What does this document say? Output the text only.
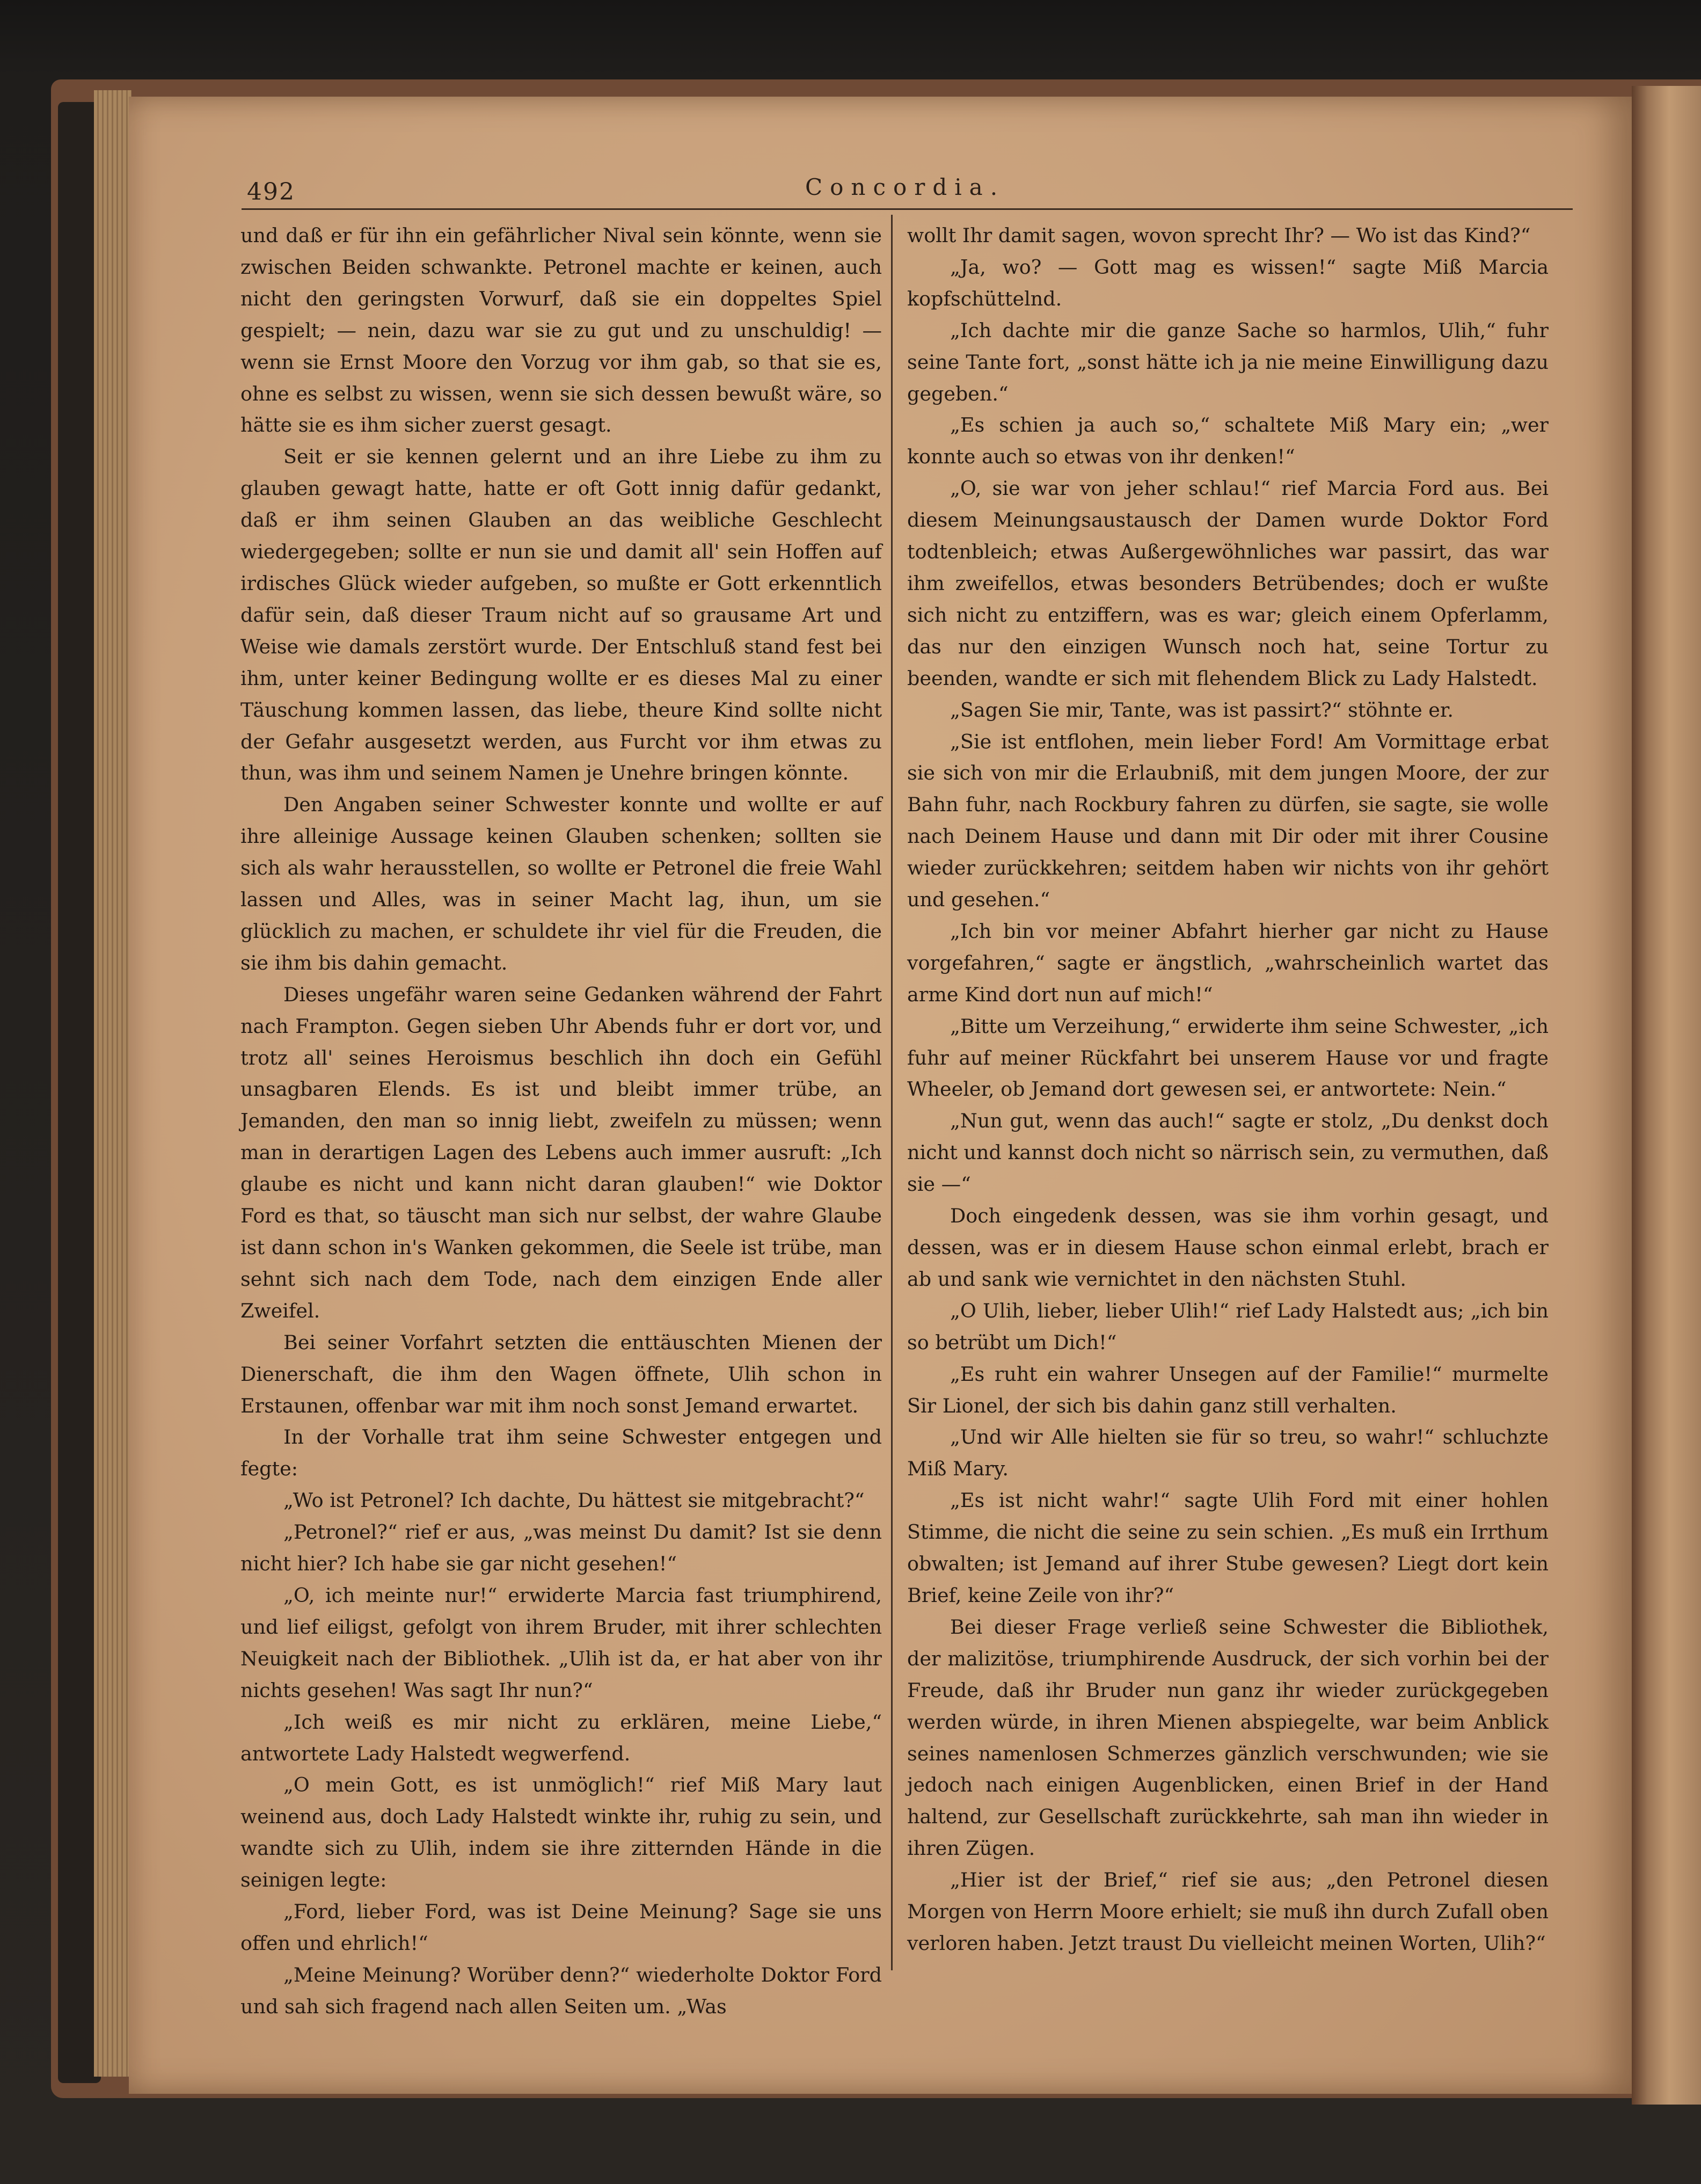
492	Concordia.

und daß er für ihn ein gefährlicher Nival sein könnte, wenn sie zwischen Beiden schwankte. Petronel machte er keinen, auch nicht den geringsten Vorwurf, daß sie ein doppeltes Spiel gespielt; — nein, dazu war sie zu gut und zu unschuldig! — wenn sie Ernst Moore den Vorzug vor ihm gab, so that sie es, ohne es selbst zu wissen, wenn sie sich dessen bewußt wäre, so hätte sie es ihm sicher zuerst gesagt.

Seit er sie kennen gelernt und an ihre Liebe zu ihm zu glauben gewagt hatte, hatte er oft Gott innig dafür gedankt, daß er ihm seinen Glauben an das weibliche Geschlecht wiedergegeben; sollte er nun sie und damit all' sein Hoffen auf irdisches Glück wieder aufgeben, so mußte er Gott erkenntlich dafür sein, daß dieser Traum nicht auf so grausame Art und Weise wie damals zerstört wurde. Der Entschluß stand fest bei ihm, unter keiner Bedingung wollte er es dieses Mal zu einer Täuschung kommen lassen, das liebe, theure Kind sollte nicht der Gefahr ausgesetzt werden, aus Furcht vor ihm etwas zu thun, was ihm und seinem Namen je Unehre bringen könnte.

Den Angaben seiner Schwester konnte und wollte er auf ihre alleinige Aussage keinen Glauben schenken; sollten sie sich als wahr herausstellen, so wollte er Petronel die freie Wahl lassen und Alles, was in seiner Macht lag, ihun, um sie glücklich zu machen, er schuldete ihr viel für die Freuden, die sie ihm bis dahin gemacht.

Dieses ungefähr waren seine Gedanken während der Fahrt nach Frampton. Gegen sieben Uhr Abends fuhr er dort vor, und trotz all' seines Heroismus beschlich ihn doch ein Gefühl unsagbaren Elends. Es ist und bleibt immer trübe, an Jemanden, den man so innig liebt, zweifeln zu müssen; wenn man in derartigen Lagen des Lebens auch immer ausruft: „Ich glaube es nicht und kann nicht daran glauben!“ wie Doktor Ford es that, so täuscht man sich nur selbst, der wahre Glaube ist dann schon in's Wanken gekommen, die Seele ist trübe, man sehnt sich nach dem Tode, nach dem einzigen Ende aller Zweifel.

Bei seiner Vorfahrt setzten die enttäuschten Mienen der Dienerschaft, die ihm den Wagen öffnete, Ulih schon in Erstaunen, offenbar war mit ihm noch sonst Jemand erwartet.

In der Vorhalle trat ihm seine Schwester entgegen und fegte:

„Wo ist Petronel? Ich dachte, Du hättest sie mitgebracht?“

„Petronel?“ rief er aus, „was meinst Du damit? Ist sie denn nicht hier? Ich habe sie gar nicht gesehen!“

„O, ich meinte nur!“ erwiderte Marcia fast triumphirend, und lief eiligst, gefolgt von ihrem Bruder, mit ihrer schlechten Neuigkeit nach der Bibliothek. „Ulih ist da, er hat aber von ihr nichts gesehen! Was sagt Ihr nun?“

„Ich weiß es mir nicht zu erklären, meine Liebe,“ antwortete Lady Halstedt wegwerfend.

„O mein Gott, es ist unmöglich!“ rief Miß Mary laut weinend aus, doch Lady Halstedt winkte ihr, ruhig zu sein, und wandte sich zu Ulih, indem sie ihre zitternden Hände in die seinigen legte:

„Ford, lieber Ford, was ist Deine Meinung? Sage sie uns offen und ehrlich!“

„Meine Meinung? Worüber denn?“ wiederholte Doktor Ford und sah sich fragend nach allen Seiten um. „Was

wollt Ihr damit sagen, wovon sprecht Ihr? — Wo ist das Kind?“

„Ja, wo? — Gott mag es wissen!“ sagte Miß Marcia kopfschüttelnd.

„Ich dachte mir die ganze Sache so harmlos, Ulih,“ fuhr seine Tante fort, „sonst hätte ich ja nie meine Einwilligung dazu gegeben.“

„Es schien ja auch so,“ schaltete Miß Mary ein; „wer konnte auch so etwas von ihr denken!“

„O, sie war von jeher schlau!“ rief Marcia Ford aus. Bei diesem Meinungsaustausch der Damen wurde Doktor Ford todtenbleich; etwas Außergewöhnliches war passirt, das war ihm zweifellos, etwas besonders Betrübendes; doch er wußte sich nicht zu entziffern, was es war; gleich einem Opferlamm, das nur den einzigen Wunsch noch hat, seine Tortur zu beenden, wandte er sich mit flehendem Blick zu Lady Halstedt.

„Sagen Sie mir, Tante, was ist passirt?“ stöhnte er.

„Sie ist entflohen, mein lieber Ford! Am Vormittage erbat sie sich von mir die Erlaubniß, mit dem jungen Moore, der zur Bahn fuhr, nach Rockbury fahren zu dürfen, sie sagte, sie wolle nach Deinem Hause und dann mit Dir oder mit ihrer Cousine wieder zurückkehren; seitdem haben wir nichts von ihr gehört und gesehen.“

„Ich bin vor meiner Abfahrt hierher gar nicht zu Hause vorgefahren,“ sagte er ängstlich, „wahrscheinlich wartet das arme Kind dort nun auf mich!“

„Bitte um Verzeihung,“ erwiderte ihm seine Schwester, „ich fuhr auf meiner Rückfahrt bei unserem Hause vor und fragte Wheeler, ob Jemand dort gewesen sei, er antwortete: Nein.“

„Nun gut, wenn das auch!“ sagte er stolz, „Du denkst doch nicht und kannst doch nicht so närrisch sein, zu vermuthen, daß sie —“

Doch eingedenk dessen, was sie ihm vorhin gesagt, und dessen, was er in diesem Hause schon einmal erlebt, brach er ab und sank wie vernichtet in den nächsten Stuhl.

„O Ulih, lieber, lieber Ulih!“ rief Lady Halstedt aus; „ich bin so betrübt um Dich!“

„Es ruht ein wahrer Unsegen auf der Familie!“ murmelte Sir Lionel, der sich bis dahin ganz still verhalten.

„Und wir Alle hielten sie für so treu, so wahr!“ schluchzte Miß Mary.

„Es ist nicht wahr!“ sagte Ulih Ford mit einer hohlen Stimme, die nicht die seine zu sein schien. „Es muß ein Irrthum obwalten; ist Jemand auf ihrer Stube gewesen? Liegt dort kein Brief, keine Zeile von ihr?“

Bei dieser Frage verließ seine Schwester die Bibliothek, der malizitöse, triumphirende Ausdruck, der sich vorhin bei der Freude, daß ihr Bruder nun ganz ihr wieder zurückgegeben werden würde, in ihren Mienen abspiegelte, war beim Anblick seines namenlosen Schmerzes gänzlich verschwunden; wie sie jedoch nach einigen Augenblicken, einen Brief in der Hand haltend, zur Gesellschaft zurückkehrte, sah man ihn wieder in ihren Zügen.

„Hier ist der Brief,“ rief sie aus; „den Petronel diesen Morgen von Herrn Moore erhielt; sie muß ihn durch Zufall oben verloren haben. Jetzt traust Du vielleicht meinen Worten, Ulih?“
